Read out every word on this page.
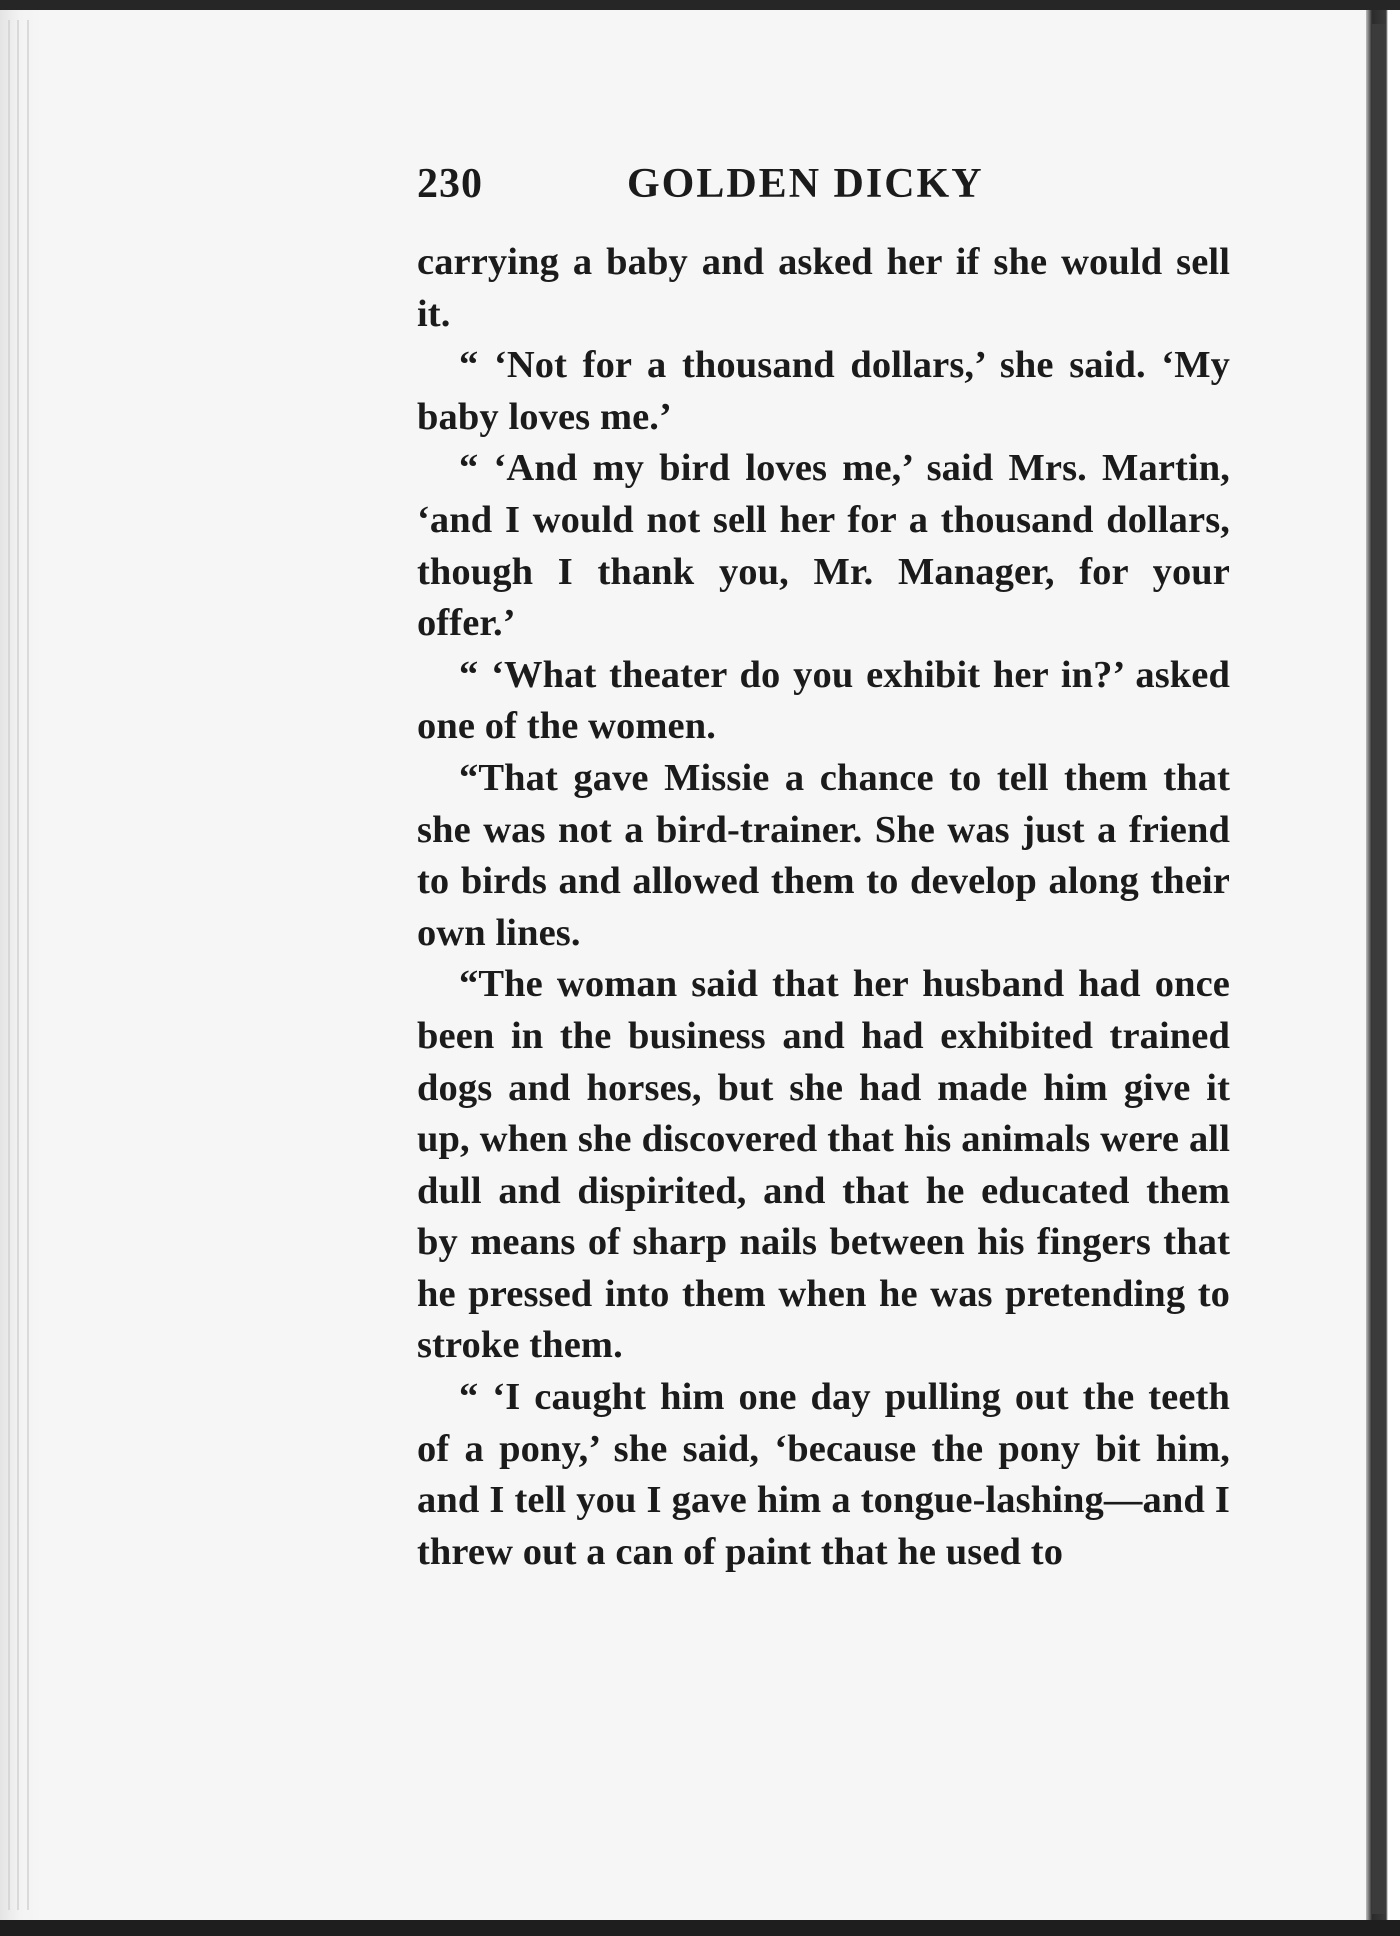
230	GOLDEN DICKY

carrying a baby and asked her if she would sell it.

“ ‘Not for a thousand dollars,’ she said. ‘My baby loves me.’

“ ‘And my bird loves me,’ said Mrs. Martin, ‘and I would not sell her for a thousand dollars, though I thank you, Mr. Manager, for your offer.’

“ ‘What theater do you exhibit her in?’ asked one of the women.

“That gave Missie a chance to tell them that she was not a bird-trainer. She was just a friend to birds and allowed them to develop along their own lines.

“The woman said that her husband had once been in the business and had exhibited trained dogs and horses, but she had made him give it up, when she discovered that his animals were all dull and dispirited, and that he educated them by means of sharp nails between his fingers that he pressed into them when he was pretending to stroke them.

“ ‘I caught him one day pulling out the teeth of a pony,’ she said, ‘because the pony bit him, and I tell you I gave him a tongue-lashing—and I threw out a can of paint that he used to
